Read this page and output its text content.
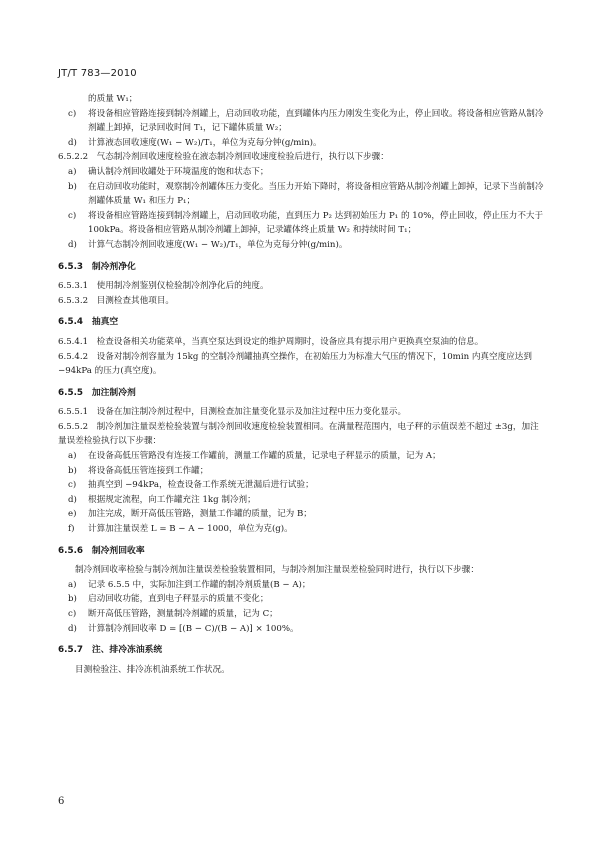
JT/T 783—2010
的质量 W₁；
c)	将设备相应管路连接到制冷剂罐上，启动回收功能，直到罐体内压力刚发生变化为止，停止回收。将设备相应管路从制冷剂罐上卸掉，记录回收时间 T₁，记下罐体质量 W₂；
d)	计算液态回收速度(W₁ − W₂)/T₁，单位为克每分钟(g/min)。
6.5.2.2　气态制冷剂回收速度检验在液态制冷剂回收速度检验后进行，执行以下步骤：
a)	确认制冷剂回收罐处于环境温度的饱和状态下；
b)	在启动回收功能时，观察制冷剂罐体压力变化。当压力开始下降时，将设备相应管路从制冷剂罐上卸掉，记录下当前制冷剂罐体质量 W₁ 和压力 P₁；
c)	将设备相应管路连接到制冷剂罐上，启动回收功能，直到压力 P₂ 达到初始压力 P₁ 的 10%，停止回收，停止压力不大于 100kPa。将设备相应管路从制冷剂罐上卸掉，记录罐体终止质量 W₂ 和持续时间 T₁；
d)	计算气态制冷剂回收速度(W₁ − W₂)/T₁，单位为克每分钟(g/min)。
6.5.3　制冷剂净化
6.5.3.1　使用制冷剂鉴别仪检验制冷剂净化后的纯度。
6.5.3.2　目测检查其他项目。
6.5.4　抽真空
6.5.4.1　检查设备相关功能菜单，当真空泵达到设定的维护周期时，设备应具有提示用户更换真空泵油的信息。
6.5.4.2　设备对制冷剂容量为 15kg 的空制冷剂罐抽真空操作，在初始压力为标准大气压的情况下，10min 内真空度应达到 −94kPa 的压力(真空度)。
6.5.5　加注制冷剂
6.5.5.1　设备在加注制冷剂过程中，目测检查加注量变化显示及加注过程中压力变化显示。
6.5.5.2　制冷剂加注量误差检验装置与制冷剂回收速度检验装置相同。在满量程范围内，电子秤的示值误差不超过 ±3g，加注量误差检验执行以下步骤：
a)	在设备高低压管路没有连接工作罐前，测量工作罐的质量，记录电子秤显示的质量，记为 A；
b)	将设备高低压管连接到工作罐；
c)	抽真空到 −94kPa，检查设备工作系统无泄漏后进行试验；
d)	根据规定流程，向工作罐充注 1kg 制冷剂；
e)	加注完成，断开高低压管路，测量工作罐的质量，记为 B；
f)	计算加注量误差 L = B − A − 1000，单位为克(g)。
6.5.6　制冷剂回收率
制冷剂回收率检验与制冷剂加注量误差检验装置相同，与制冷剂加注量误差检验同时进行，执行以下步骤：
a)	记录 6.5.5 中，实际加注到工作罐的制冷剂质量(B − A)；
b)	启动回收功能，直到电子秤显示的质量不变化；
c)	断开高低压管路，测量制冷剂罐的质量，记为 C；
d)	计算制冷剂回收率 D = [(B − C)/(B − A)] × 100%。
6.5.7　注、排冷冻油系统
目测检验注、排冷冻机油系统工作状况。
6
